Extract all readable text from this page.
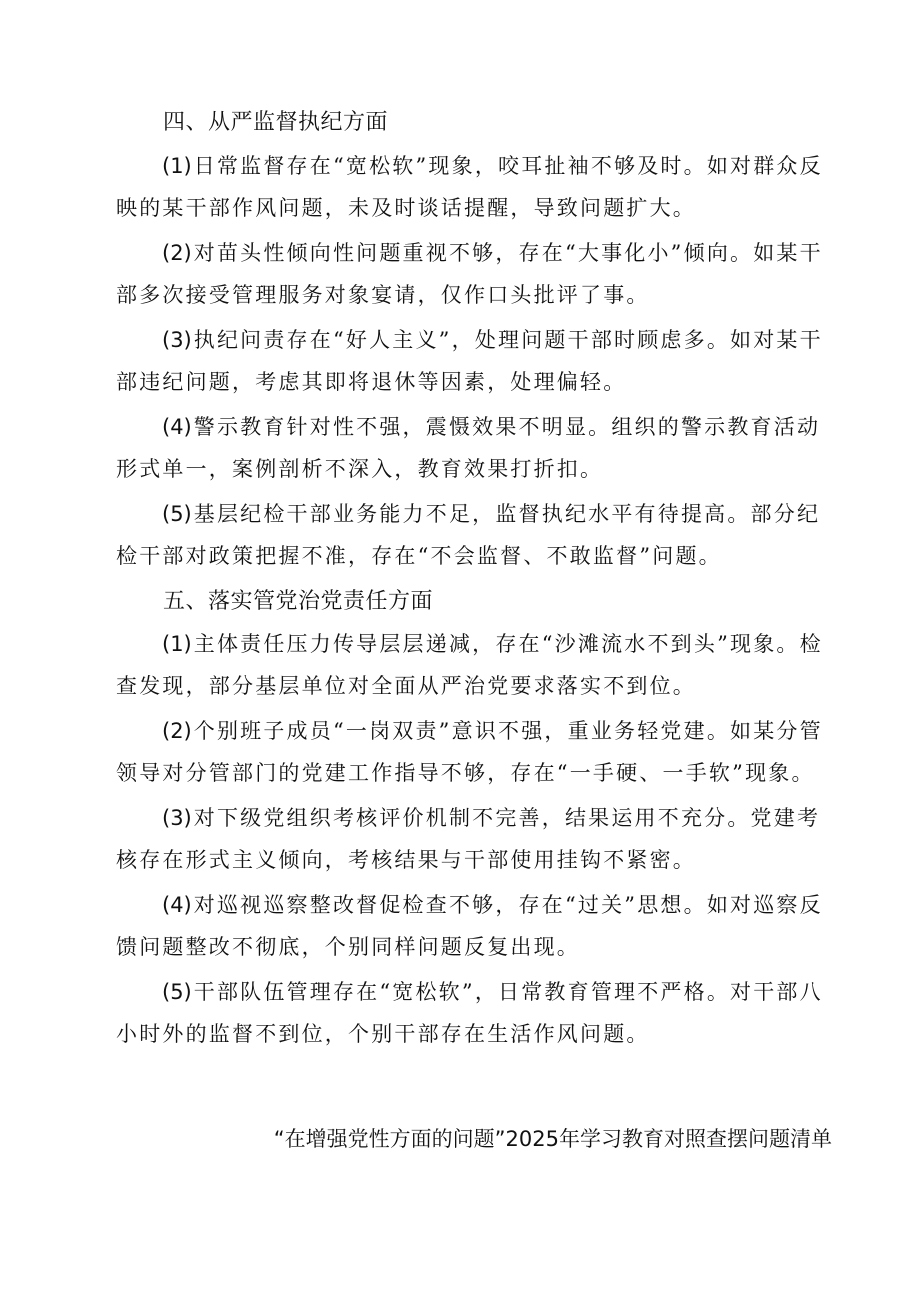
四、从严监督执纪方面

(1)日常监督存在“宽松软”现象，咬耳扯袖不够及时。如对群众反映的某干部作风问题，未及时谈话提醒，导致问题扩大。

(2)对苗头性倾向性问题重视不够，存在“大事化小”倾向。如某干部多次接受管理服务对象宴请，仅作口头批评了事。

(3)执纪问责存在“好人主义”，处理问题干部时顾虑多。如对某干部违纪问题，考虑其即将退休等因素，处理偏轻。

(4)警示教育针对性不强，震慑效果不明显。组织的警示教育活动形式单一，案例剖析不深入，教育效果打折扣。

(5)基层纪检干部业务能力不足，监督执纪水平有待提高。部分纪检干部对政策把握不准，存在“不会监督、不敢监督”问题。

五、落实管党治党责任方面

(1)主体责任压力传导层层递减，存在“沙滩流水不到头”现象。检查发现，部分基层单位对全面从严治党要求落实不到位。

(2)个别班子成员“一岗双责”意识不强，重业务轻党建。如某分管领导对分管部门的党建工作指导不够，存在“一手硬、一手软”现象。

(3)对下级党组织考核评价机制不完善，结果运用不充分。党建考核存在形式主义倾向，考核结果与干部使用挂钩不紧密。

(4)对巡视巡察整改督促检查不够，存在“过关”思想。如对巡察反馈问题整改不彻底，个别同样问题反复出现。

(5)干部队伍管理存在“宽松软”，日常教育管理不严格。对干部八小时外的监督不到位，个别干部存在生活作风问题。

“在增强党性方面的问题”2025年学习教育对照查摆问题清单
